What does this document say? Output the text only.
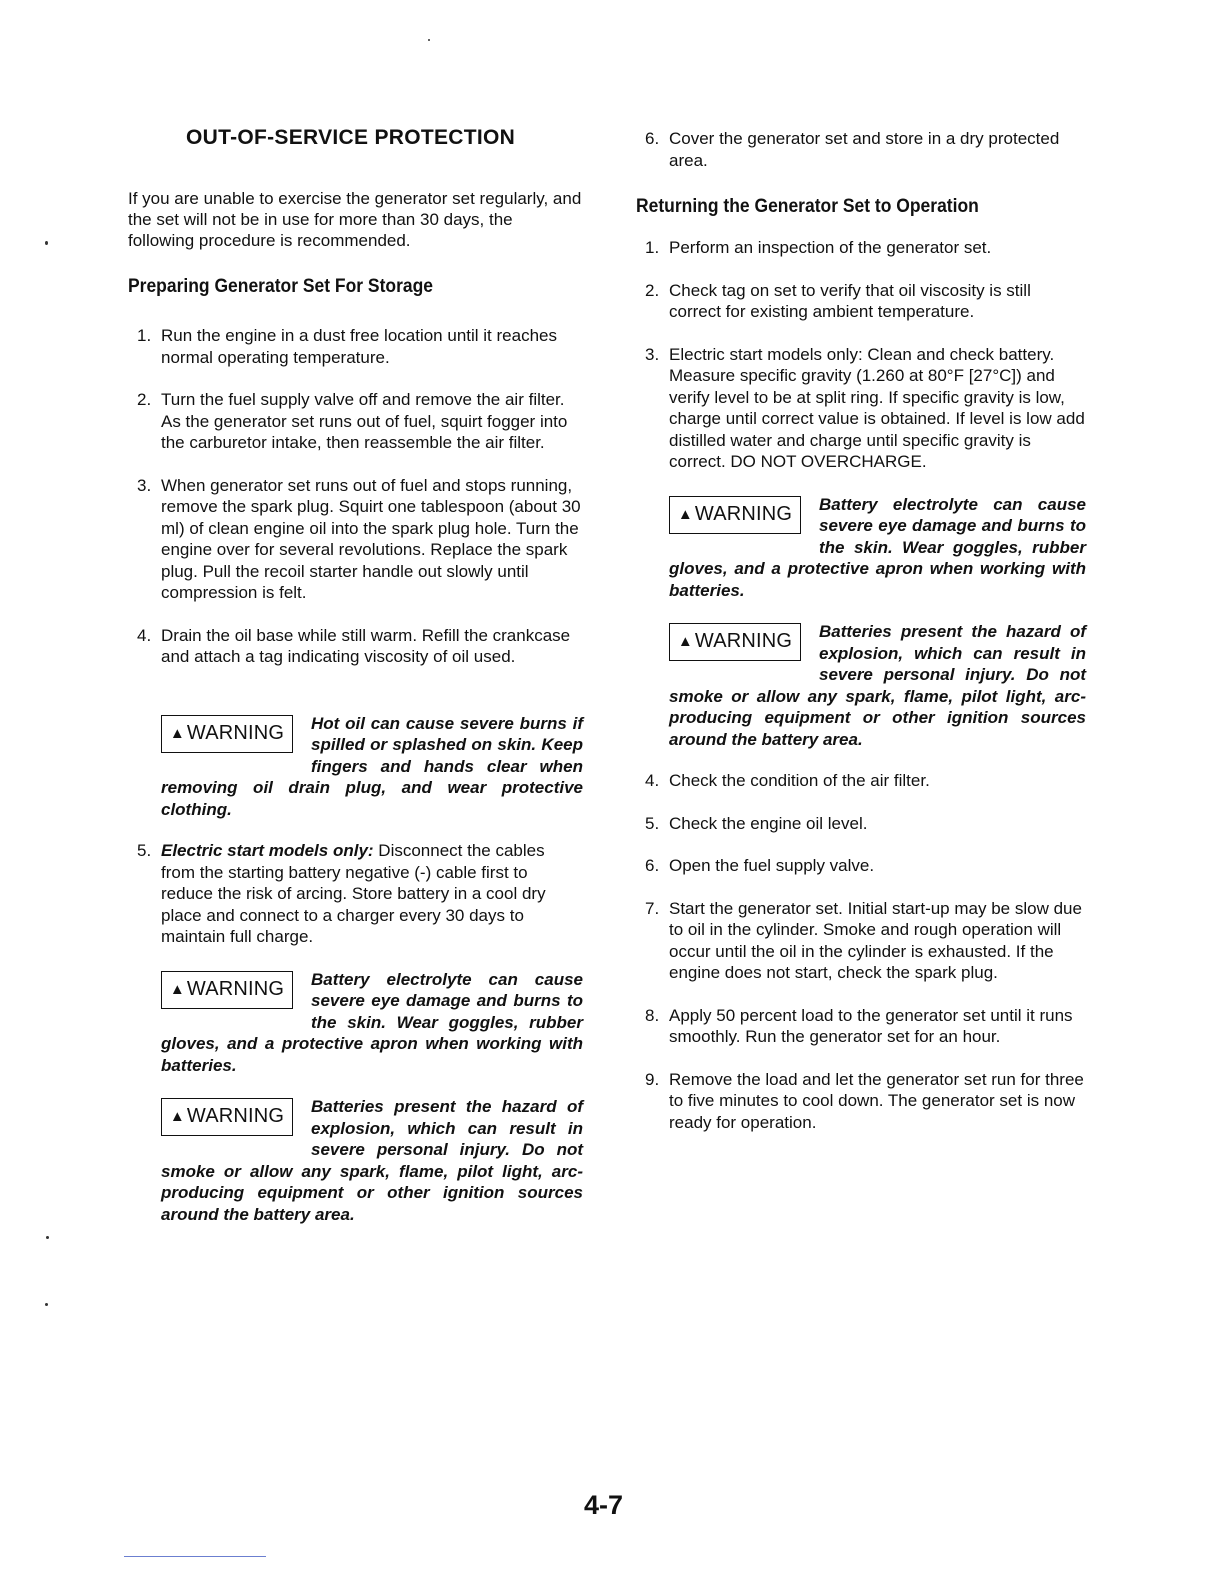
OUT-OF-SERVICE PROTECTION

If you are unable to exercise the generator set regularly, and the set will not be in use for more than 30 days, the following procedure is recommended.

Preparing Generator Set For Storage
1. Run the engine in a dust free location until it reaches normal operating temperature.
2. Turn the fuel supply valve off and remove the air filter. As the generator set runs out of fuel, squirt fogger into the carburetor intake, then reassemble the air filter.
3. When generator set runs out of fuel and stops running, remove the spark plug. Squirt one tablespoon (about 30 ml) of clean engine oil into the spark plug hole. Turn the engine over for several revolutions. Replace the spark plug. Pull the recoil starter handle out slowly until compression is felt.
4. Drain the oil base while still warm. Refill the crankcase and attach a tag indicating viscosity of oil used.
▲ WARNING	Hot oil can cause severe burns if spilled or splashed on skin. Keep fingers and hands clear when removing oil drain plug, and wear protective clothing.
5. Electric start models only: Disconnect the cables from the starting battery negative (-) cable first to reduce the risk of arcing. Store battery in a cool dry place and connect to a charger every 30 days to maintain full charge.
▲ WARNING	Battery electrolyte can cause severe eye damage and burns to the skin. Wear goggles, rubber gloves, and a protective apron when working with batteries.
▲ WARNING	Batteries present the hazard of explosion, which can result in severe personal injury. Do not smoke or allow any spark, flame, pilot light, arc-producing equipment or other ignition sources around the battery area.
6. Cover the generator set and store in a dry protected area.
Returning the Generator Set to Operation
1. Perform an inspection of the generator set.
2. Check tag on set to verify that oil viscosity is still correct for existing ambient temperature.
3. Electric start models only: Clean and check battery. Measure specific gravity (1.260 at 80°F [27°C]) and verify level to be at split ring. If specific gravity is low, charge until correct value is obtained. If level is low add distilled water and charge until specific gravity is correct. DO NOT OVERCHARGE.
▲ WARNING	Battery electrolyte can cause severe eye damage and burns to the skin. Wear goggles, rubber gloves, and a protective apron when working with batteries.
▲ WARNING	Batteries present the hazard of explosion, which can result in severe personal injury. Do not smoke or allow any spark, flame, pilot light, arc-producing equipment or other ignition sources around the battery area.
4. Check the condition of the air filter.
5. Check the engine oil level.
6. Open the fuel supply valve.
7. Start the generator set. Initial start-up may be slow due to oil in the cylinder. Smoke and rough operation will occur until the oil in the cylinder is exhausted. If the engine does not start, check the spark plug.
8. Apply 50 percent load to the generator set until it runs smoothly. Run the generator set for an hour.
9. Remove the load and let the generator set run for three to five minutes to cool down. The generator set is now ready for operation.
4-7
